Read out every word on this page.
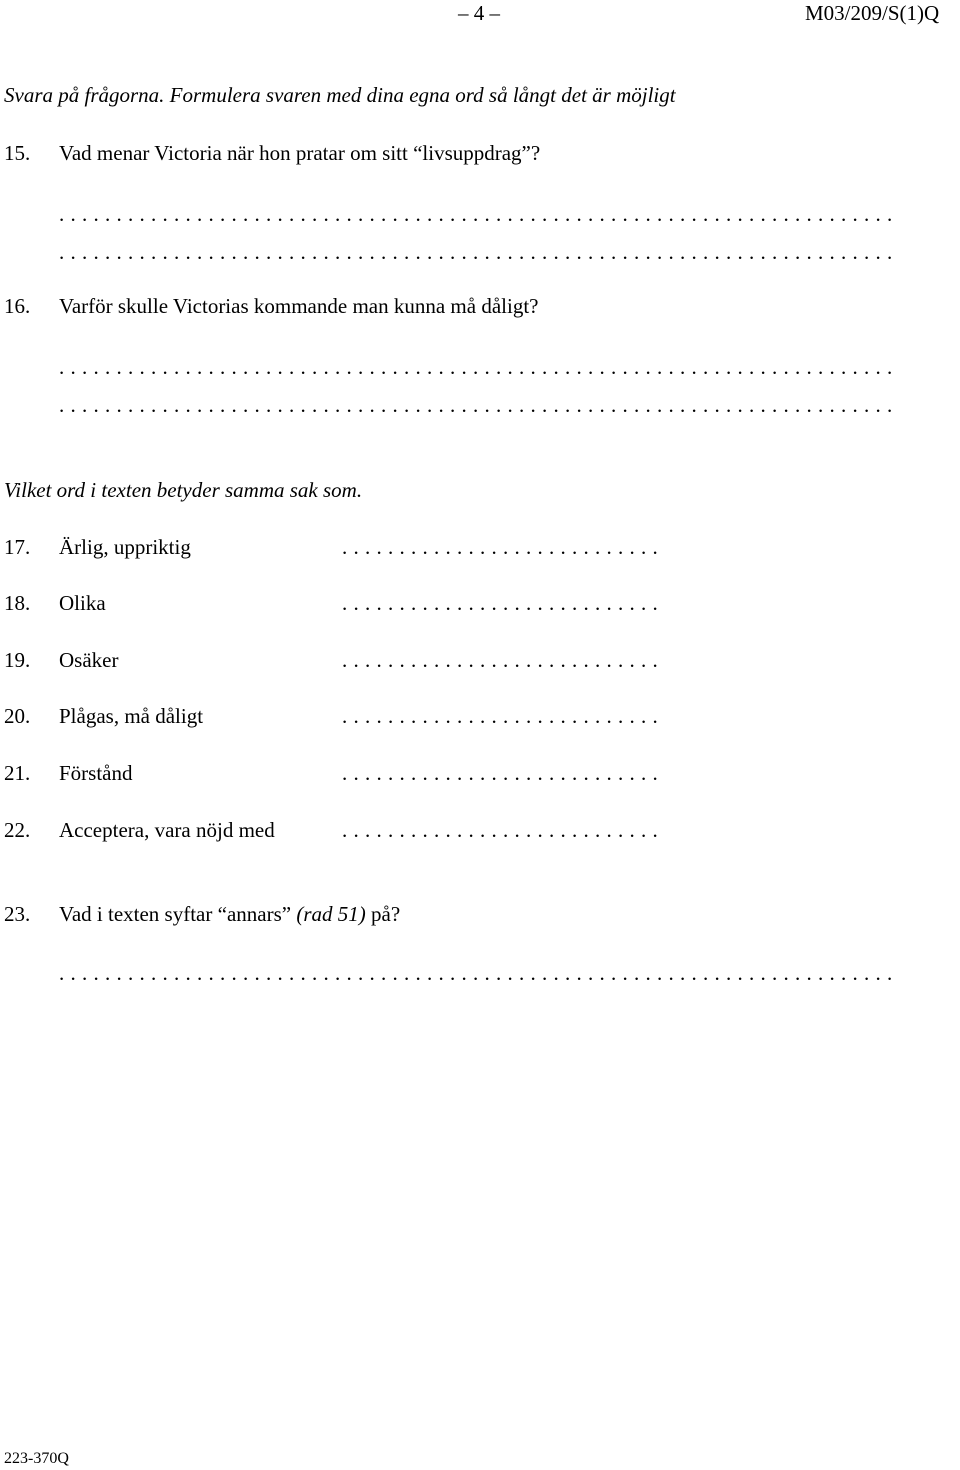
– 4 –	M03/209/S(1)Q
Svara på frågorna. Formulera svaren med dina egna ord så långt det är möjligt
15. Vad menar Victoria när hon pratar om sitt “livsuppdrag”?
. . . . . . . . . . . . . . . . . . . . . . . . . . . . . . . . . . . . . . . . . . . . . . . . . . . . . . . . . . . . . . . . . . . . . . . . .
. . . . . . . . . . . . . . . . . . . . . . . . . . . . . . . . . . . . . . . . . . . . . . . . . . . . . . . . . . . . . . . . . . . . . . . . .
16. Varför skulle Victorias kommande man kunna må dåligt?
. . . . . . . . . . . . . . . . . . . . . . . . . . . . . . . . . . . . . . . . . . . . . . . . . . . . . . . . . . . . . . . . . . . . . . . . .
. . . . . . . . . . . . . . . . . . . . . . . . . . . . . . . . . . . . . . . . . . . . . . . . . . . . . . . . . . . . . . . . . . . . . . . . .
Vilket ord i texten betyder samma sak som.
17. Ärlig, uppriktig	. . . . . . . . . . . . . . . . . . . . . . . . . . . .
18. Olika	. . . . . . . . . . . . . . . . . . . . . . . . . . . .
19. Osäker	. . . . . . . . . . . . . . . . . . . . . . . . . . . .
20. Plågas, må dåligt	. . . . . . . . . . . . . . . . . . . . . . . . . . . .
21. Förstånd	. . . . . . . . . . . . . . . . . . . . . . . . . . . .
22. Acceptera, vara nöjd med	. . . . . . . . . . . . . . . . . . . . . . . . . . . .
23. Vad i texten syftar “annars” (rad 51) på?
. . . . . . . . . . . . . . . . . . . . . . . . . . . . . . . . . . . . . . . . . . . . . . . . . . . . . . . . . . . . . . . . . . . . . . . . .
223-370Q
